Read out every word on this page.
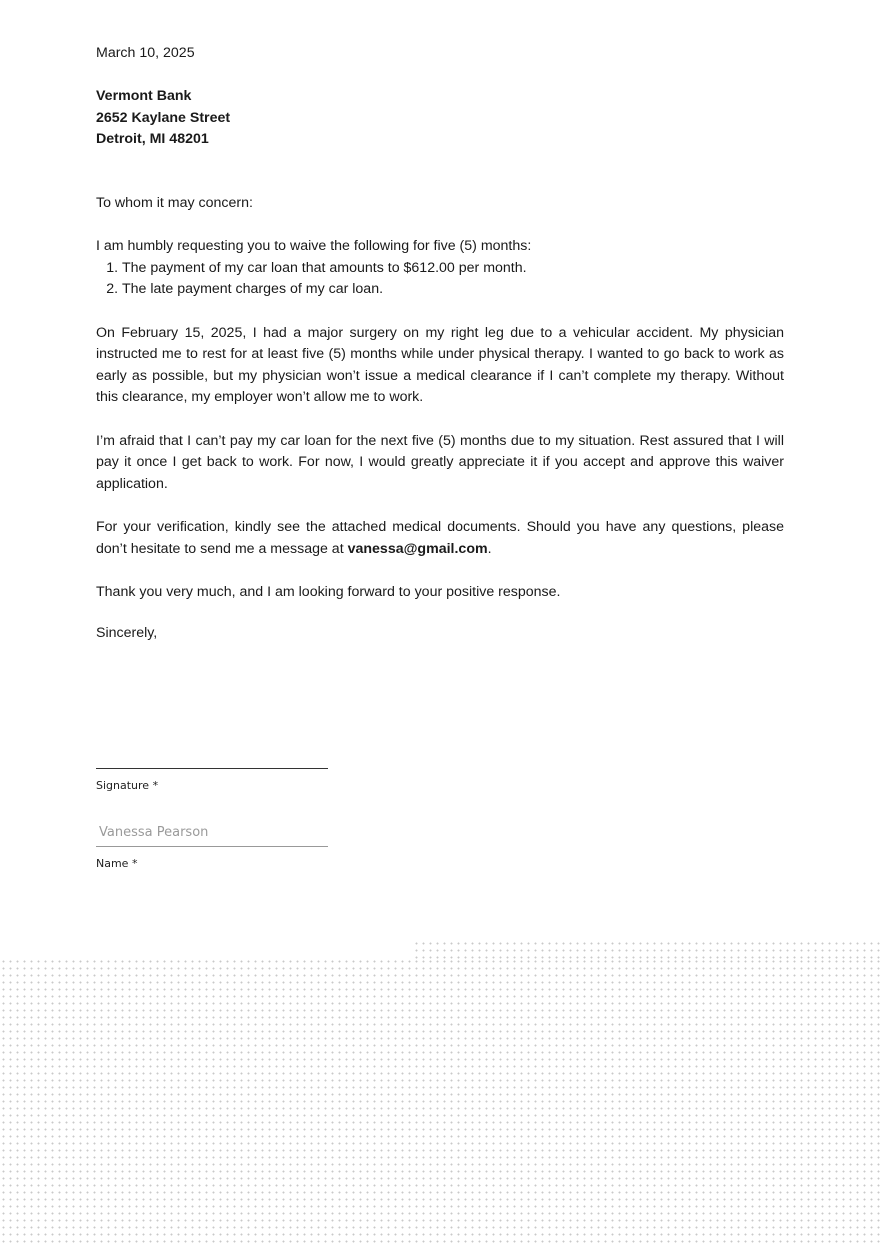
March 10, 2025
Vermont Bank
2652 Kaylane Street
Detroit, MI 48201

To whom it may concern:

I am humbly requesting you to waive the following for five (5) months:

1. The payment of my car loan that amounts to $612.00 per month.
2. The late payment charges of my car loan.

On February 15, 2025, I had a major surgery on my right leg due to a vehicular accident. My physician instructed me to rest for at least five (5) months while under physical therapy. I wanted to go back to work as early as possible, but my physician won’t issue a medical clearance if I can’t complete my therapy. Without this clearance, my employer won’t allow me to work.

I’m afraid that I can’t pay my car loan for the next five (5) months due to my situation. Rest assured that I will pay it once I get back to work. For now, I would greatly appreciate it if you accept and approve this waiver application.

For your verification, kindly see the attached medical documents. Should you have any questions, please don’t hesitate to send me a message at vanessa@gmail.com.

Thank you very much, and I am looking forward to your positive response.

Sincerely,
Signature *
Vanessa Pearson
Name *
